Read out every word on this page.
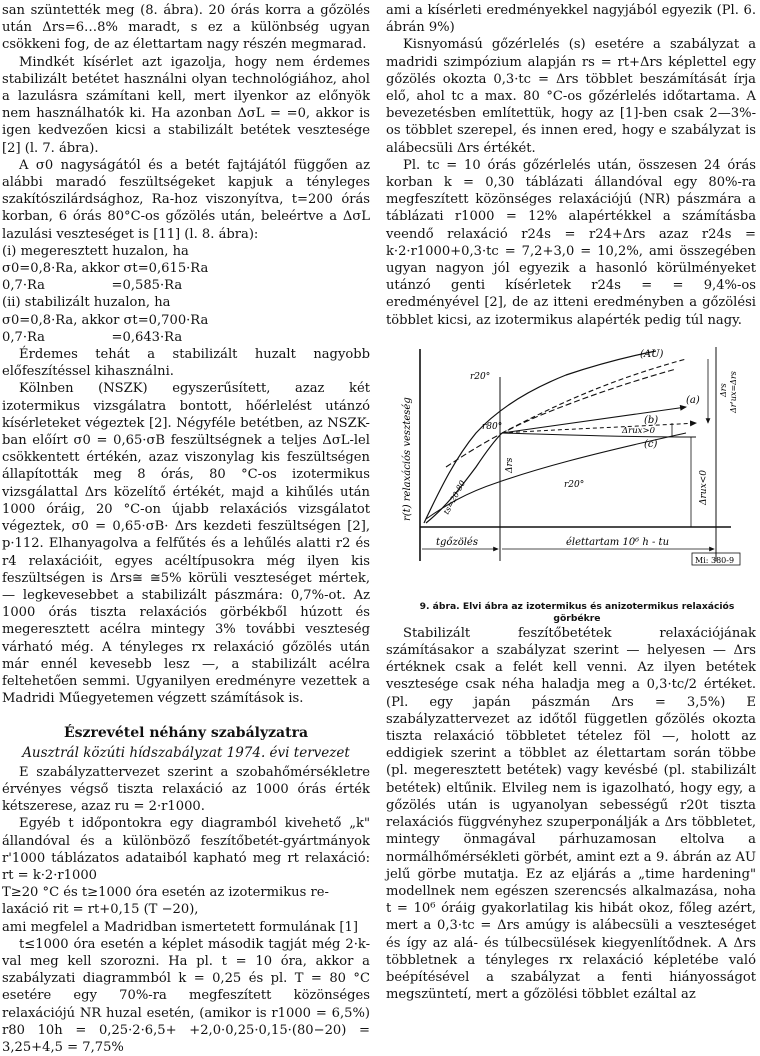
san szüntették meg (8. ábra). 20 órás korra a gőzölés után Δrs=6…8% maradt, s ez a különbség ugyan csökkeni fog, de az élettartam nagy részén megmarad.

Mindkét kísérlet azt igazolja, hogy nem érdemes stabilizált betétet használni olyan technológiához, ahol a lazulásra számítani kell, mert ilyenkor az előnyök nem használhatók ki. Ha azonban ΔσL = =0, akkor is igen kedvezően kicsi a stabilizált betétek vesztesége [2] (l. 7. ábra).

A σ0 nagyságától és a betét fajtájától függően az alábbi maradó feszültségeket kapjuk a tényleges szakítószilárdsághoz, Ra-hoz viszonyítva, t=200 órás korban, 6 órás 80°C-os gőzölés után, beleértve a ΔσL lazulási veszteséget is [11] (l. 8. ábra):

(i) megeresztett huzalon, ha

σ0=0,8·Ra, akkor σt=0,615·Ra

0,7·Ra                =0,585·Ra

(ii) stabilizált huzalon, ha

σ0=0,8·Ra, akkor σt=0,700·Ra

0,7·Ra                =0,643·Ra

Érdemes tehát a stabilizált huzalt nagyobb előfeszítéssel kihasználni.

Kölnben (NSZK) egyszerűsített, azaz két izotermikus vizsgálatra bontott, hőérlelést utánzó kísérleteket végeztek [2]. Négyféle betétben, az NSZK-ban előírt σ0 = 0,65·σB feszültségnek a teljes ΔσL-lel csökkentett értékén, azaz viszonylag kis feszültségen állapították meg 8 órás, 80 °C-os izotermikus vizsgálattal Δrs közelítő értékét, majd a kihűlés után 1000 óráig, 20 °C-on újabb relaxációs vizsgálatot végeztek, σ0 = 0,65·σB· Δrs kezdeti feszültségen [2], p·112. Elhanyagolva a felfűtés és a lehűlés alatti r2 és r4 relaxációit, egyes acéltípusokra még ilyen kis feszültségen is Δrs≅ ≅5% körüli veszteséget mértek, — legkevesebbet a stabilizált pászmára: 0,7%-ot. Az 1000 órás tiszta relaxációs görbékből húzott és megeresztett acélra mintegy 3% további veszteség várható még. A tényleges rx relaxáció gőzölés után már ennél kevesebb lesz —, a stabilizált acélra feltehetően semmi. Ugyanilyen eredményre vezettek a Madridi Műegyetemen végzett számítások is.

Észrevétel néhány szabályzatra
Ausztrál közúti hídszabályzat 1974. évi tervezet

E szabályzattervezet szerint a szobahőmérsékletre érvényes végső tiszta relaxáció az 1000 órás érték kétszerese, azaz ru = 2·r1000.

Egyéb t időpontokra egy diagramból kivehető „k" állandóval és a különböző feszítőbetét-gyártmányok r'1000 táblázatos adataiból kapható meg rt relaxáció: rt = k·2·r1000

T≥20 °C és t≥1000 óra esetén az izotermikus re-

laxáció rit = rt+0,15 (T −20),

ami megfelel a Madridban ismertetett formulának [1]

t≤1000 óra esetén a képlet második tagját még 2·k-val meg kell szorozni. Ha pl. t = 10 óra, akkor a szabályzati diagrammból k = 0,25 és pl. T = 80 °C esetére egy 70%-ra megfeszített közönséges relaxációjú NR huzal esetén, (amikor is r1000 = 6,5%) r80 10h = 0,25·2·6,5+ +2,0·0,25·0,15·(80−20) = 3,25+4,5 = 7,75%

ami a kísérleti eredményekkel nagyjából egyezik (Pl. 6. ábrán 9%)

Kisnyomású gőzérlelés (s) esetére a szabályzat a madridi szimpózium alapján rs = rt+Δrs képlettel egy gőzölés okozta 0,3·tc = Δrs többlet beszámítását írja elő, ahol tc a max. 80 °C-os gőzérlelés időtartama. A bevezetésben említettük, hogy az [1]-ben csak 2—3%-os többlet szerepel, és innen ered, hogy e szabályzat is alábecsüli Δrs értékét.

Pl. tc = 10 órás gőzérlelés után, összesen 24 órás korban k = 0,30 táblázati állandóval egy 80%-ra megfeszített közönséges relaxációjú (NR) pászmára a táblázati r1000 = 12% alapértékkel a számításba veendő relaxáció r24s = r24+Δrs azaz r24s = k·2·r1000+0,3·tc = 7,2+3,0 = 10,2%, ami összegében ugyan nagyon jól egyezik a hasonló körülményeket utánzó genti kísérletek r24s = = 9,4%-os eredményével [2], de az itteni eredményben a gőzölési többlet kicsi, az izotermikus alapérték pedig túl nagy.

(AU)
r20°
r80°
(a)
(b)
(c)
Δrux>0
r20°
Δrs
ts=20-80	Δrux<0
Δrs Δr'ux=Δrs
r(t) relaxációs veszteség
tgőzölés	élettartam 10⁶ h - tu
Mi: 380-9

9. ábra. Elvi ábra az izotermikus és anizotermikus relaxációs
görbékre

Stabilizált feszítőbetétek relaxációjának számításakor a szabályzat szerint — helyesen — Δrs értéknek csak a felét kell venni. Az ilyen betétek vesztesége csak néha haladja meg a 0,3·tc/2 értéket. (Pl. egy japán pászmán Δrs = 3,5%) E szabályzattervezet az időtől független gőzölés okozta tiszta relaxáció többletet tételez föl —, holott az eddigiek szerint a többlet az élettartam során többe (pl. megeresztett betétek) vagy kevésbé (pl. stabilizált betétek) eltűnik. Elvileg nem is igazolható, hogy egy, a gőzölés után is ugyanolyan sebességű r20t tiszta relaxációs függvényhez szuperponálják a Δrs többletet, mintegy önmagával párhuzamosan eltolva a normálhőmérsékleti görbét, amint ezt a 9. ábrán az AU jelű görbe mutatja. Ez az eljárás a „time hardening" modellnek nem egészen szerencsés alkalmazása, noha t = 10⁶ óráig gyakorlatilag kis hibát okoz, főleg azért, mert a 0,3·tc = Δrs amúgy is alábecsüli a veszteséget és így az alá- és túlbecsülések kiegyenlítődnek. A Δrs többletnek a tényleges rx relaxáció képletébe való beépítésével a szabályzat a fenti hiányosságot megszüntetí, mert a gőzölési többlet ezáltal az
